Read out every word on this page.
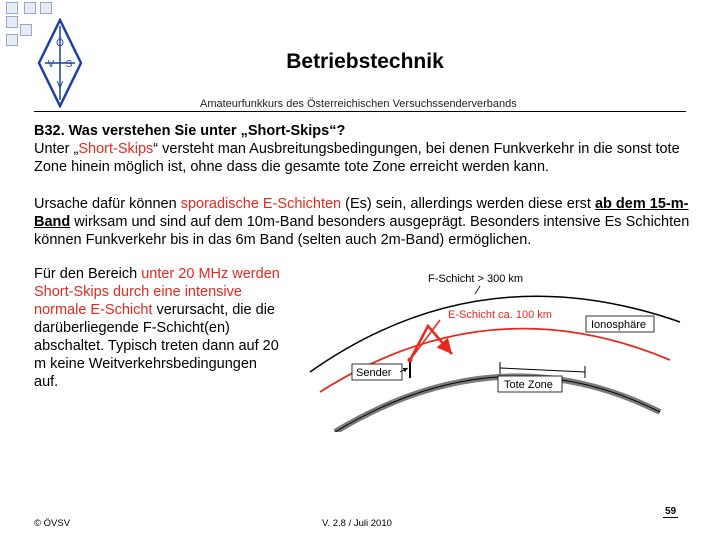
Ö
V S
V
Betriebstechnik
Amateurfunkkurs des Österreichischen Versuchssenderverbands
B32. Was verstehen Sie unter „Short-Skips“?
Unter „Short-Skips“ versteht man Ausbreitungsbedingungen, bei denen Funkverkehr in die sonst tote Zone hinein möglich ist, ohne dass die gesamte tote Zone erreicht werden kann.
Ursache dafür können sporadische E-Schichten (Es) sein, allerdings werden diese erst ab dem 15-m-Band wirksam und sind auf dem 10m-Band besonders ausgeprägt. Besonders intensive Es Schichten können Funkverkehr bis in das 6m Band (selten auch 2m-Band) ermöglichen.
Für den Bereich unter 20 MHz werden Short-Skips durch eine intensive normale E-Schicht verursacht, die die darüberliegende F-Schicht(en) abschaltet. Typisch treten dann auf 20 m keine Weitverkehrsbedingungen auf.
Sender
Tote Zone
F-Schicht > 300 km
E-Schicht ca. 100 km
Ionosphäre
© ÖVSV	V. 2.8 / Juli 2010
59
